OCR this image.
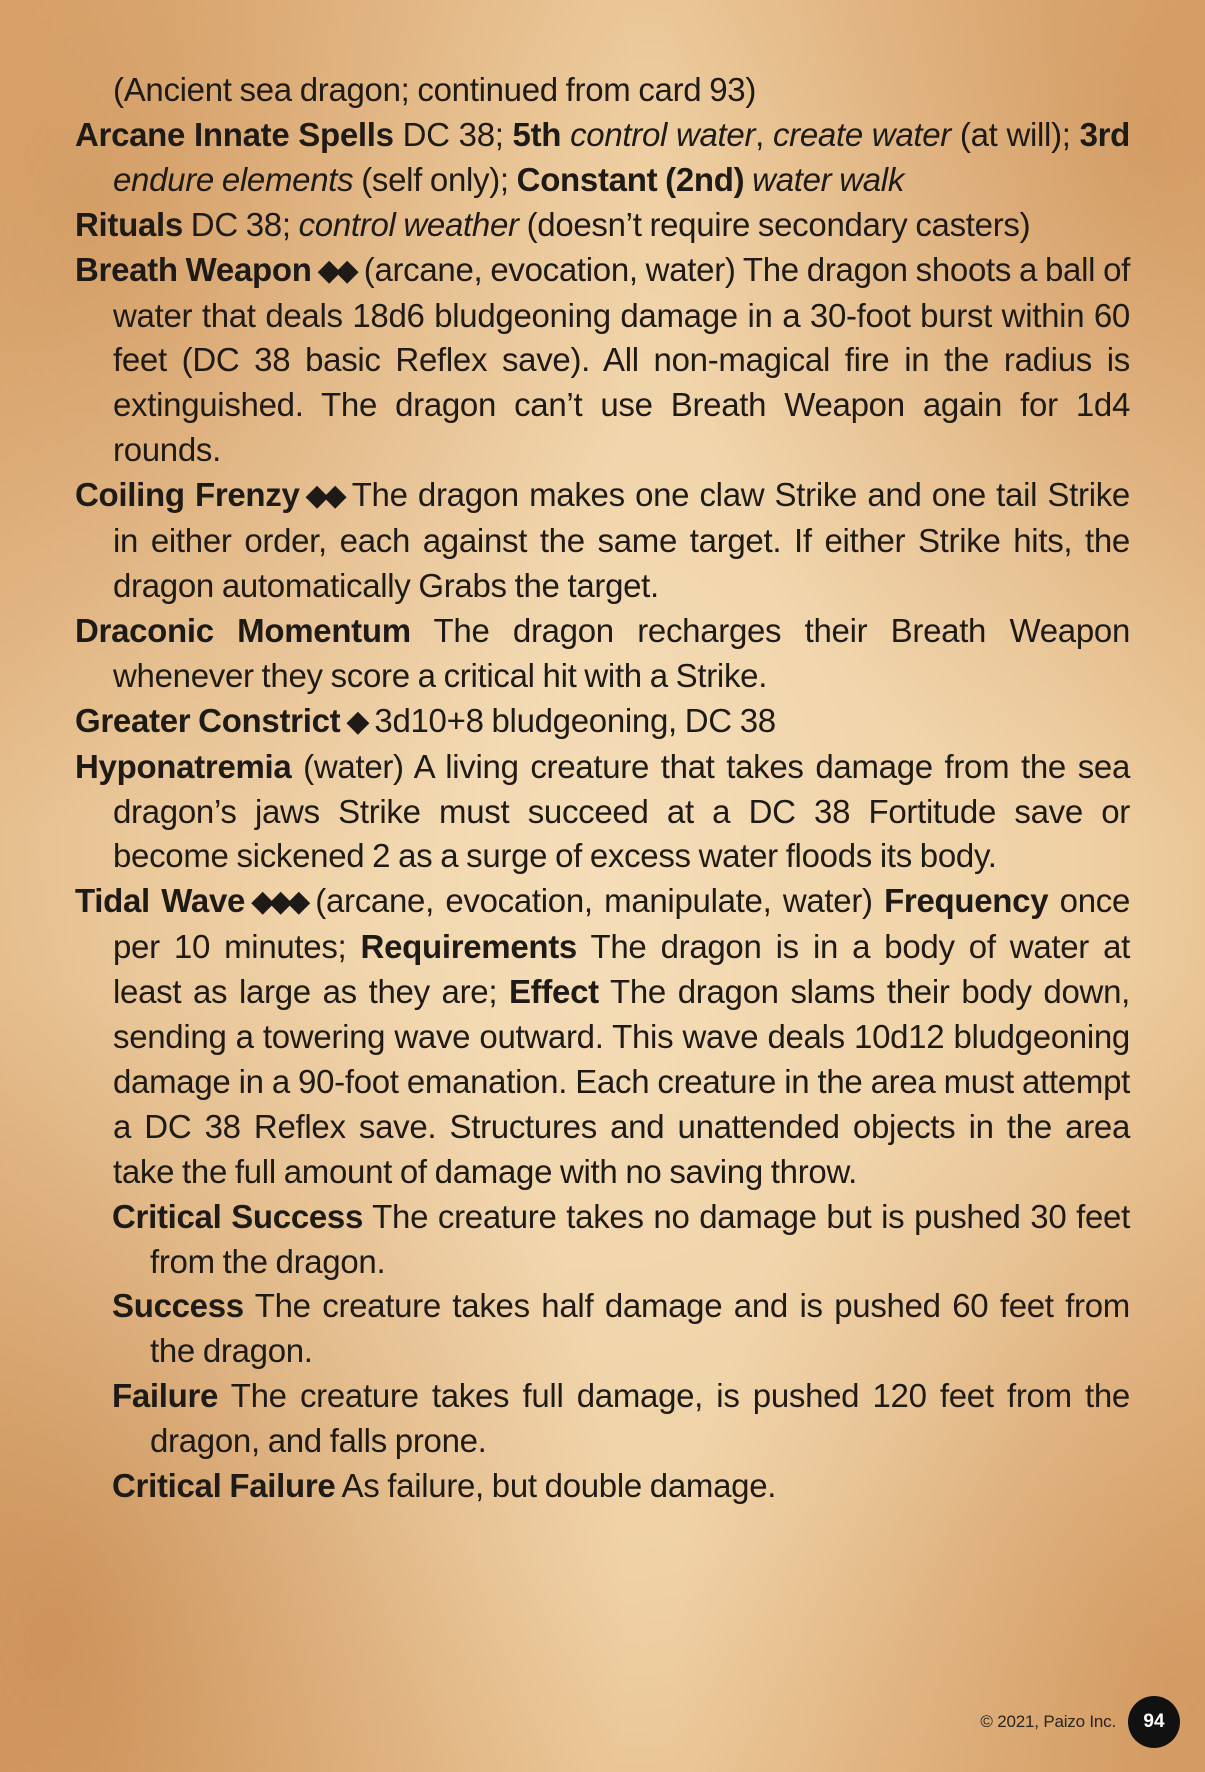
(Ancient sea dragon; continued from card 93)

Arcane Innate Spells DC 38; 5th control water, create water (at will); 3rd endure elements (self only); Constant (2nd) water walk

Rituals DC 38; control weather (doesn’t require secondary casters)

Breath Weapon ◆◆ (arcane, evocation, water) The dragon shoots a ball of water that deals 18d6 bludgeoning damage in a 30-foot burst within 60 feet (DC 38 basic Reflex save). All non-magical fire in the radius is extinguished. The dragon can’t use Breath Weapon again for 1d4 rounds.

Coiling Frenzy ◆◆ The dragon makes one claw Strike and one tail Strike in either order, each against the same target. If either Strike hits, the dragon automatically Grabs the target.

Draconic Momentum The dragon recharges their Breath Weapon whenever they score a critical hit with a Strike.

Greater Constrict ◆ 3d10+8 bludgeoning, DC 38

Hyponatremia (water) A living creature that takes damage from the sea dragon’s jaws Strike must succeed at a DC 38 Fortitude save or become sickened 2 as a surge of excess water floods its body.

Tidal Wave ◆◆◆ (arcane, evocation, manipulate, water) Frequency once per 10 minutes; Requirements The dragon is in a body of water at least as large as they are; Effect The dragon slams their body down, sending a towering wave outward. This wave deals 10d12 bludgeoning damage in a 90-foot emanation. Each creature in the area must attempt a DC 38 Reflex save. Structures and unattended objects in the area take the full amount of damage with no saving throw.

Critical Success The creature takes no damage but is pushed 30 feet from the dragon.

Success The creature takes half damage and is pushed 60 feet from the dragon.

Failure The creature takes full damage, is pushed 120 feet from the dragon, and falls prone.

Critical Failure As failure, but double damage.

© 2021, Paizo Inc.	94
